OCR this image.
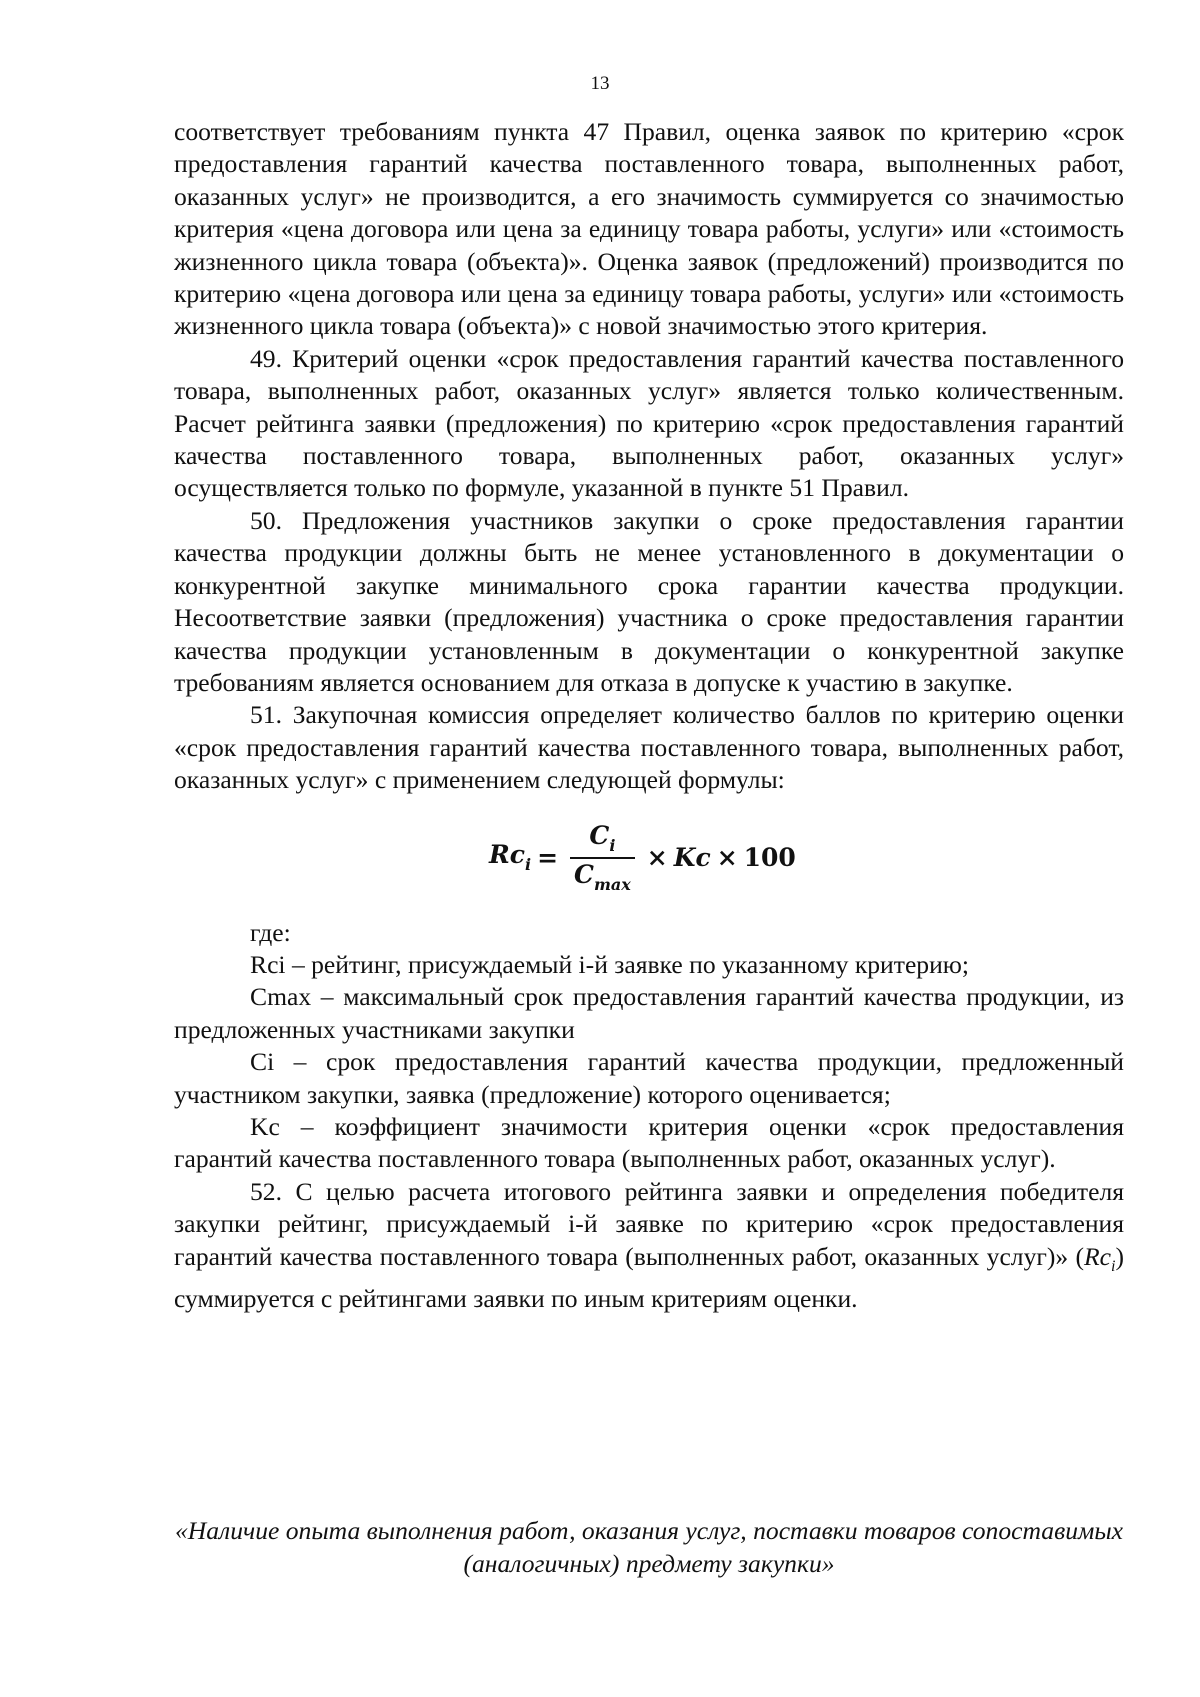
13

соответствует требованиям пункта 47 Правил, оценка заявок по критерию «срок предоставления гарантий качества поставленного товара, выполненных работ, оказанных услуг» не производится, а его значимость суммируется со значимостью критерия «цена договора или цена за единицу товара работы, услуги» или «стоимость жизненного цикла товара (объекта)». Оценка заявок (предложений) производится по критерию «цена договора или цена за единицу товара работы, услуги» или «стоимость жизненного цикла товара (объекта)» с новой значимостью этого критерия.

49. Критерий оценки «срок предоставления гарантий качества поставленного товара, выполненных работ, оказанных услуг» является только количественным. Расчет рейтинга заявки (предложения) по критерию «срок предоставления гарантий качества поставленного товара, выполненных работ, оказанных услуг» осуществляется только по формуле, указанной в пункте 51 Правил.

50. Предложения участников закупки о сроке предоставления гарантии качества продукции должны быть не менее установленного в документации о конкурентной закупке минимального срока гарантии качества продукции. Несоответствие заявки (предложения) участника о сроке предоставления гарантии качества продукции установленным в документации о конкурентной закупке требованиям является основанием для отказа в допуске к участию в закупке.

51. Закупочная комиссия определяет количество баллов по критерию оценки «срок предоставления гарантий качества поставленного товара, выполненных работ, оказанных услуг» с применением следующей формулы:

$Rc_i = \frac{C_i}{C_{max}} \times Kc \times 100$

где:

Rci – рейтинг, присуждаемый i-й заявке по указанному критерию;

Cmax – максимальный срок предоставления гарантий качества продукции, из предложенных участниками закупки

Ci – срок предоставления гарантий качества продукции, предложенный участником закупки, заявка (предложение) которого оценивается;

Kc – коэффициент значимости критерия оценки «срок предоставления гарантий качества поставленного товара (выполненных работ, оказанных услуг).

52. С целью расчета итогового рейтинга заявки и определения победителя закупки рейтинг, присуждаемый i-й заявке по критерию «срок предоставления гарантий качества поставленного товара (выполненных работ, оказанных услуг)» $(Rc_i)$ суммируется с рейтингами заявки по иным критериям оценки.

«Наличие опыта выполнения работ, оказания услуг, поставки товаров сопоставимых (аналогичных) предмету закупки»
